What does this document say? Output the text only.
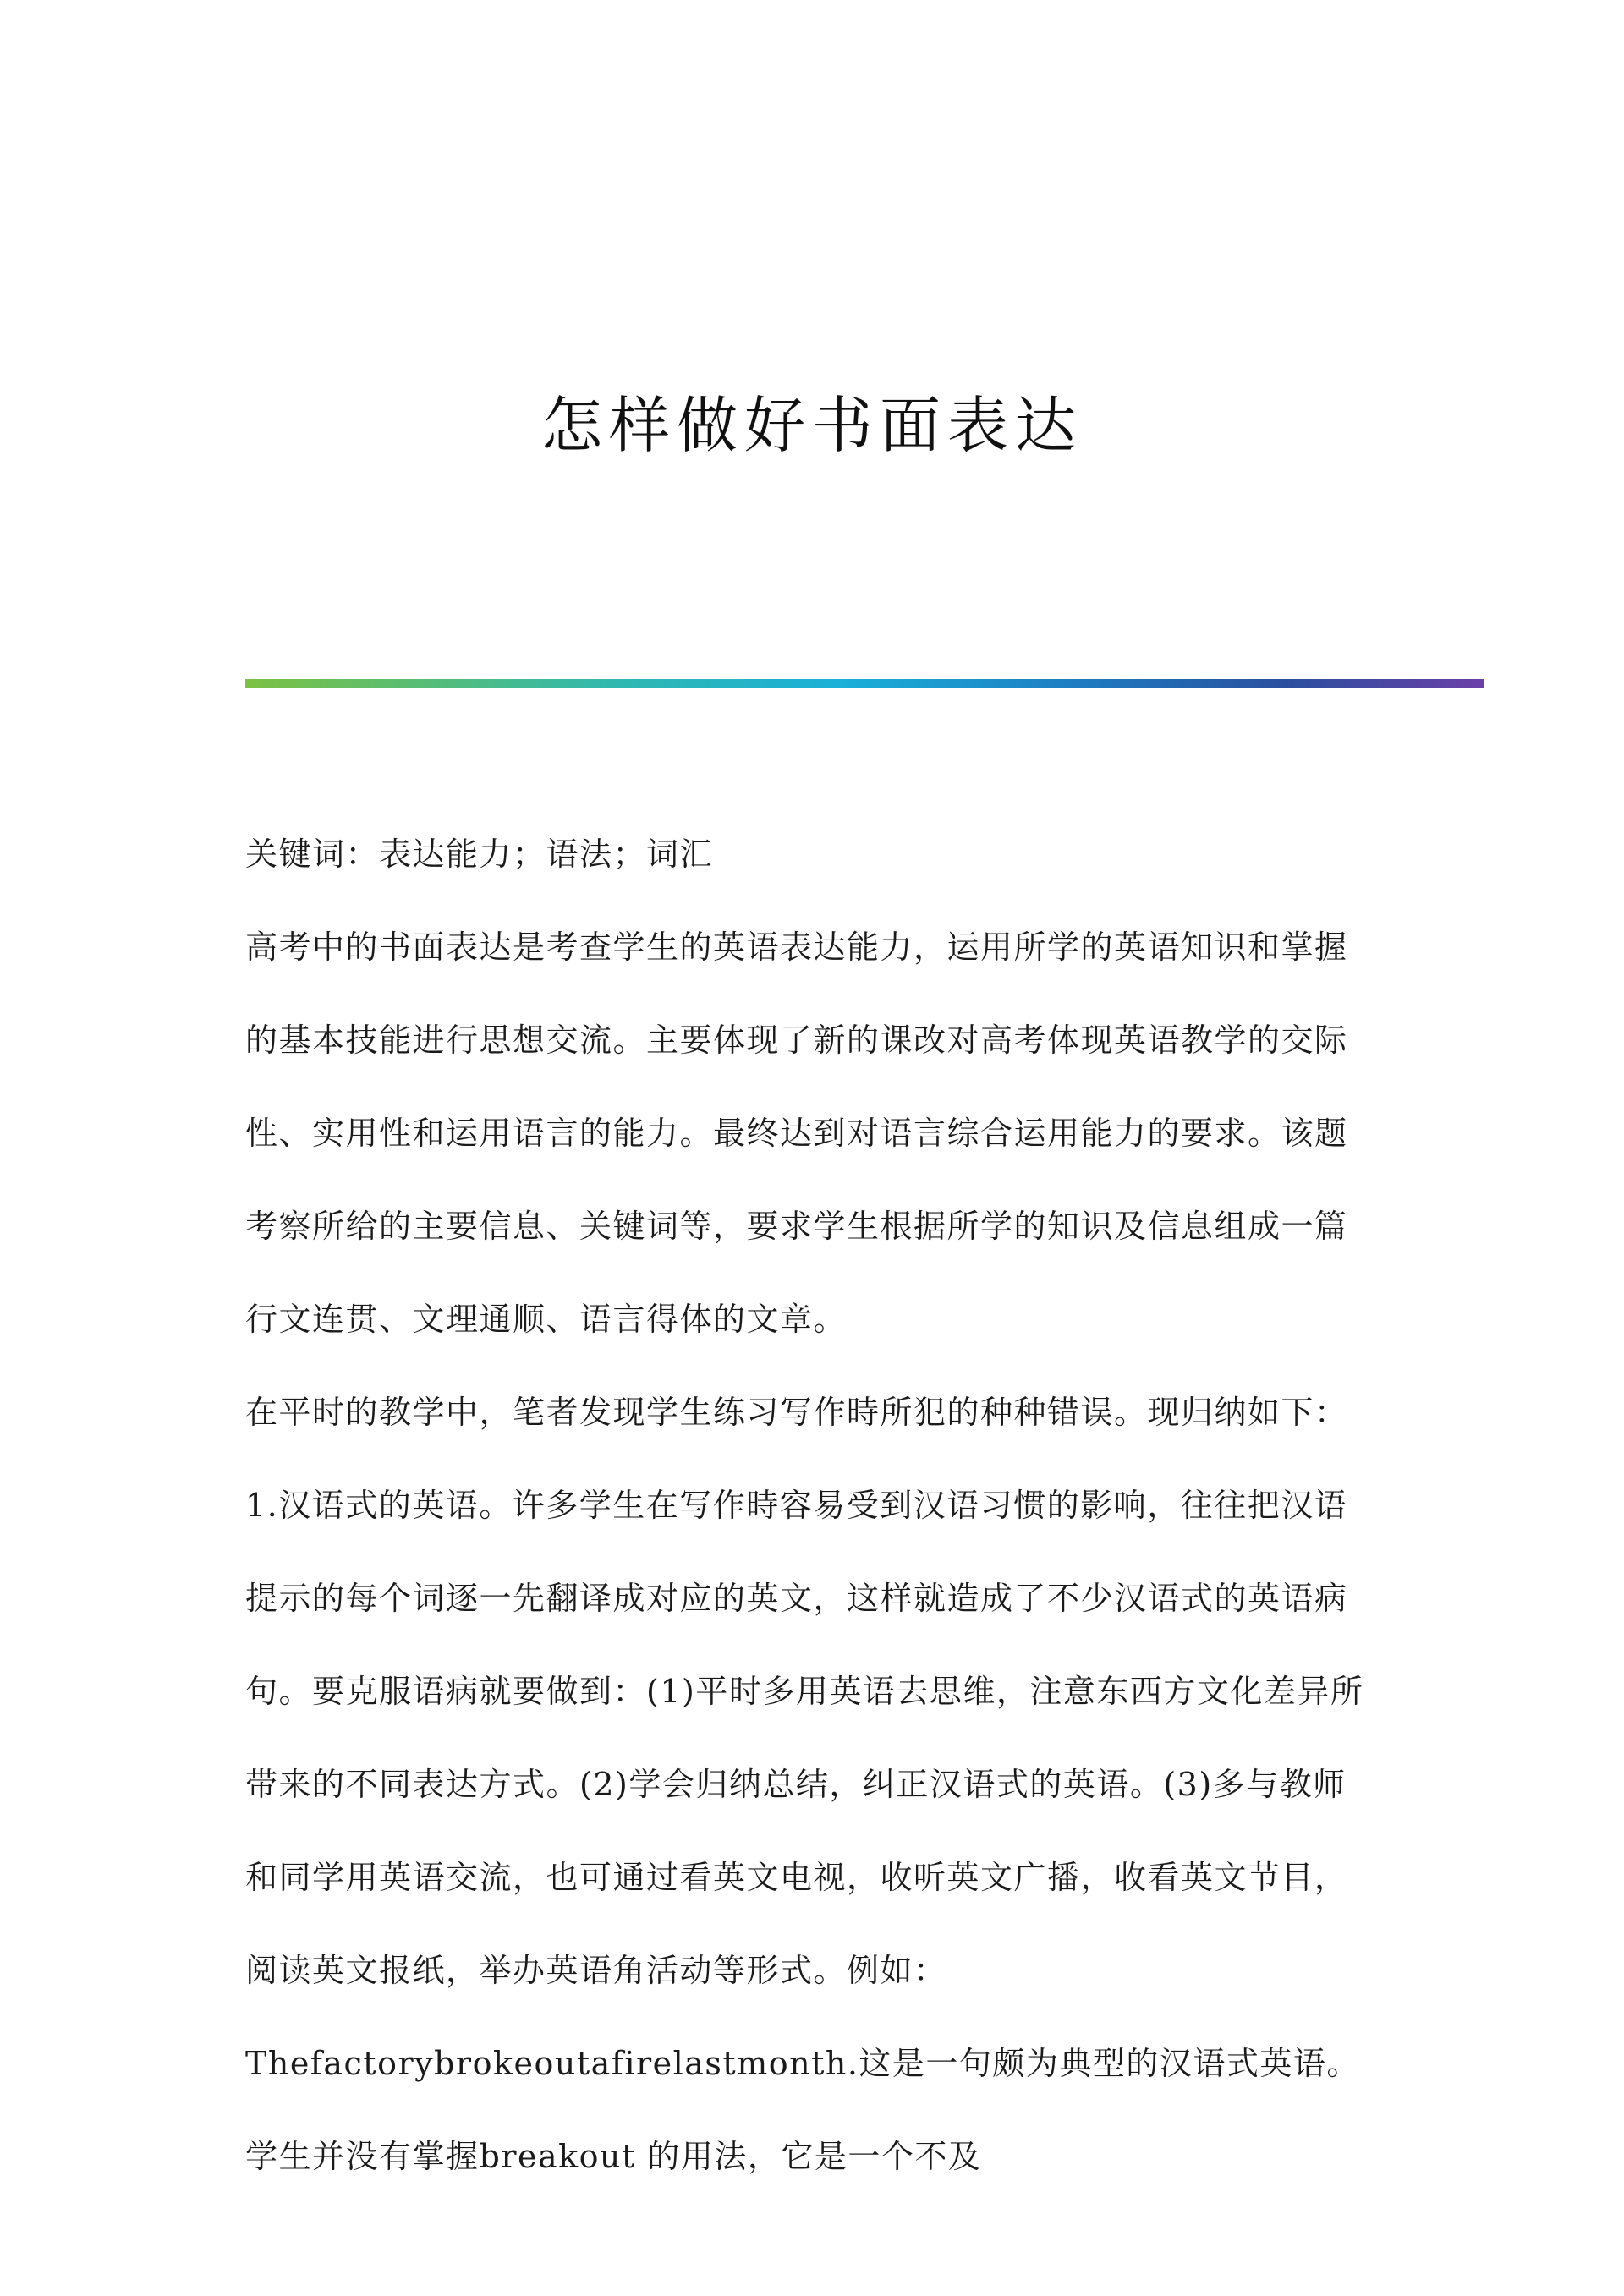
怎样做好书面表达

关键词：表达能力；语法；词汇

高考中的书面表达是考查学生的英语表达能力，运用所学的英语知识和掌握的基本技能进行思想交流。主要体现了新的课改对高考体现英语教学的交际性、实用性和运用语言的能力。最终达到对语言综合运用能力的要求。该题考察所给的主要信息、关键词等，要求学生根据所学的知识及信息组成一篇行文连贯、文理通顺、语言得体的文章。

在平时的教学中，笔者发现学生练习写作時所犯的种种错误。现归纳如下：

1.汉语式的英语。许多学生在写作時容易受到汉语习惯的影响，往往把汉语提示的每个词逐一先翻译成对应的英文，这样就造成了不少汉语式的英语病句。要克服语病就要做到：(1)平时多用英语去思维，注意东西方文化差异所带来的不同表达方式。(2)学会归纳总结，纠正汉语式的英语。(3)多与教师和同学用英语交流，也可通过看英文电视，收听英文广播，收看英文节目，阅读英文报纸，举办英语角活动等形式。例如：Thefactorybrokeoutafirelastmonth.这是一句颇为典型的汉语式英语。学生并没有掌握breakout 的用法，它是一个不及
